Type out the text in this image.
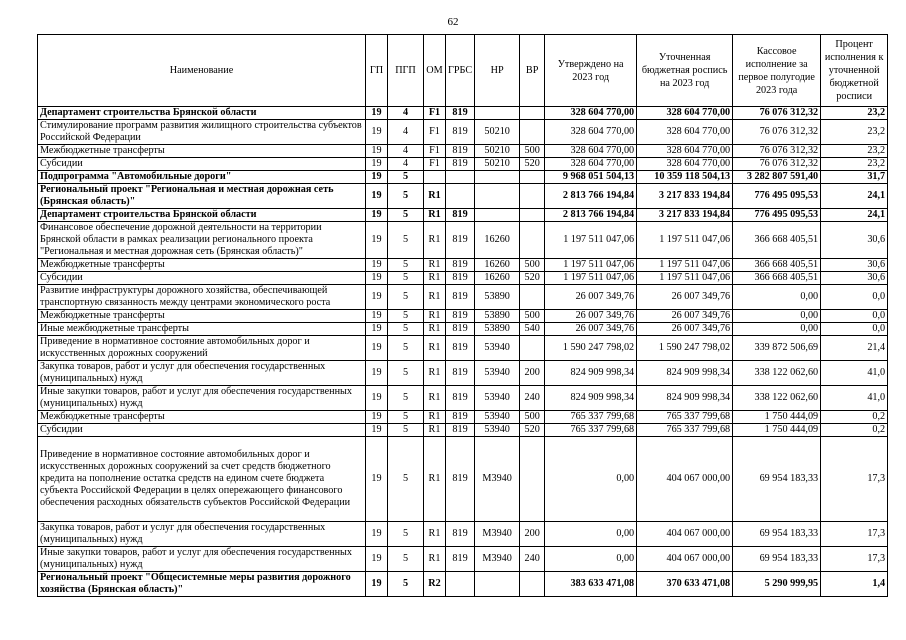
62
Наименование	ГП	ПГП	ОМ	ГРБС	НР	ВР	Утверждено на 2023 год	Уточненная бюджетная роспись на 2023 год	Кассовое исполнение за первое полугодие 2023 года	Процент исполнения к уточненной бюджетной росписи
Департамент строительства Брянской области	19	4	F1	819			328 604 770,00	328 604 770,00	76 076 312,32	23,2
Стимулирование программ развития жилищного строительства субъектов Российской Федерации	19	4	F1	819	50210		328 604 770,00	328 604 770,00	76 076 312,32	23,2
Межбюджетные трансферты	19	4	F1	819	50210	500	328 604 770,00	328 604 770,00	76 076 312,32	23,2
Субсидии	19	4	F1	819	50210	520	328 604 770,00	328 604 770,00	76 076 312,32	23,2
Подпрограмма "Автомобильные дороги"	19	5					9 968 051 504,13	10 359 118 504,13	3 282 807 591,40	31,7
Региональный проект "Региональная и местная дорожная сеть (Брянская область)"	19	5	R1				2 813 766 194,84	3 217 833 194,84	776 495 095,53	24,1
Департамент строительства Брянской области	19	5	R1	819			2 813 766 194,84	3 217 833 194,84	776 495 095,53	24,1
Финансовое обеспечение дорожной деятельности на территории Брянской области в рамках реализации регионального проекта "Региональная и местная дорожная сеть (Брянская область)"	19	5	R1	819	16260		1 197 511 047,06	1 197 511 047,06	366 668 405,51	30,6
Межбюджетные трансферты	19	5	R1	819	16260	500	1 197 511 047,06	1 197 511 047,06	366 668 405,51	30,6
Субсидии	19	5	R1	819	16260	520	1 197 511 047,06	1 197 511 047,06	366 668 405,51	30,6
Развитие инфраструктуры дорожного хозяйства, обеспечивающей транспортную связанность между центрами экономического роста	19	5	R1	819	53890		26 007 349,76	26 007 349,76	0,00	0,0
Межбюджетные трансферты	19	5	R1	819	53890	500	26 007 349,76	26 007 349,76	0,00	0,0
Иные межбюджетные трансферты	19	5	R1	819	53890	540	26 007 349,76	26 007 349,76	0,00	0,0
Приведение в нормативное состояние автомобильных дорог и искусственных дорожных сооружений	19	5	R1	819	53940		1 590 247 798,02	1 590 247 798,02	339 872 506,69	21,4
Закупка товаров, работ и услуг для обеспечения государственных (муниципальных) нужд	19	5	R1	819	53940	200	824 909 998,34	824 909 998,34	338 122 062,60	41,0
Иные закупки товаров, работ и услуг для обеспечения государственных (муниципальных) нужд	19	5	R1	819	53940	240	824 909 998,34	824 909 998,34	338 122 062,60	41,0
Межбюджетные трансферты	19	5	R1	819	53940	500	765 337 799,68	765 337 799,68	1 750 444,09	0,2
Субсидии	19	5	R1	819	53940	520	765 337 799,68	765 337 799,68	1 750 444,09	0,2
Приведение в нормативное состояние автомобильных дорог и искусственных дорожных сооружений за счет средств бюджетного кредита на пополнение остатка средств на едином счете бюджета субъекта Российской Федерации в целях опережающего финансового обеспечения расходных обязательств субъектов Российской Федерации	19	5	R1	819	М3940		0,00	404 067 000,00	69 954 183,33	17,3
Закупка товаров, работ и услуг для обеспечения государственных (муниципальных) нужд	19	5	R1	819	М3940	200	0,00	404 067 000,00	69 954 183,33	17,3
Иные закупки товаров, работ и услуг для обеспечения государственных (муниципальных) нужд	19	5	R1	819	М3940	240	0,00	404 067 000,00	69 954 183,33	17,3
Региональный проект "Общесистемные меры развития дорожного хозяйства (Брянская область)"	19	5	R2				383 633 471,08	370 633 471,08	5 290 999,95	1,4
